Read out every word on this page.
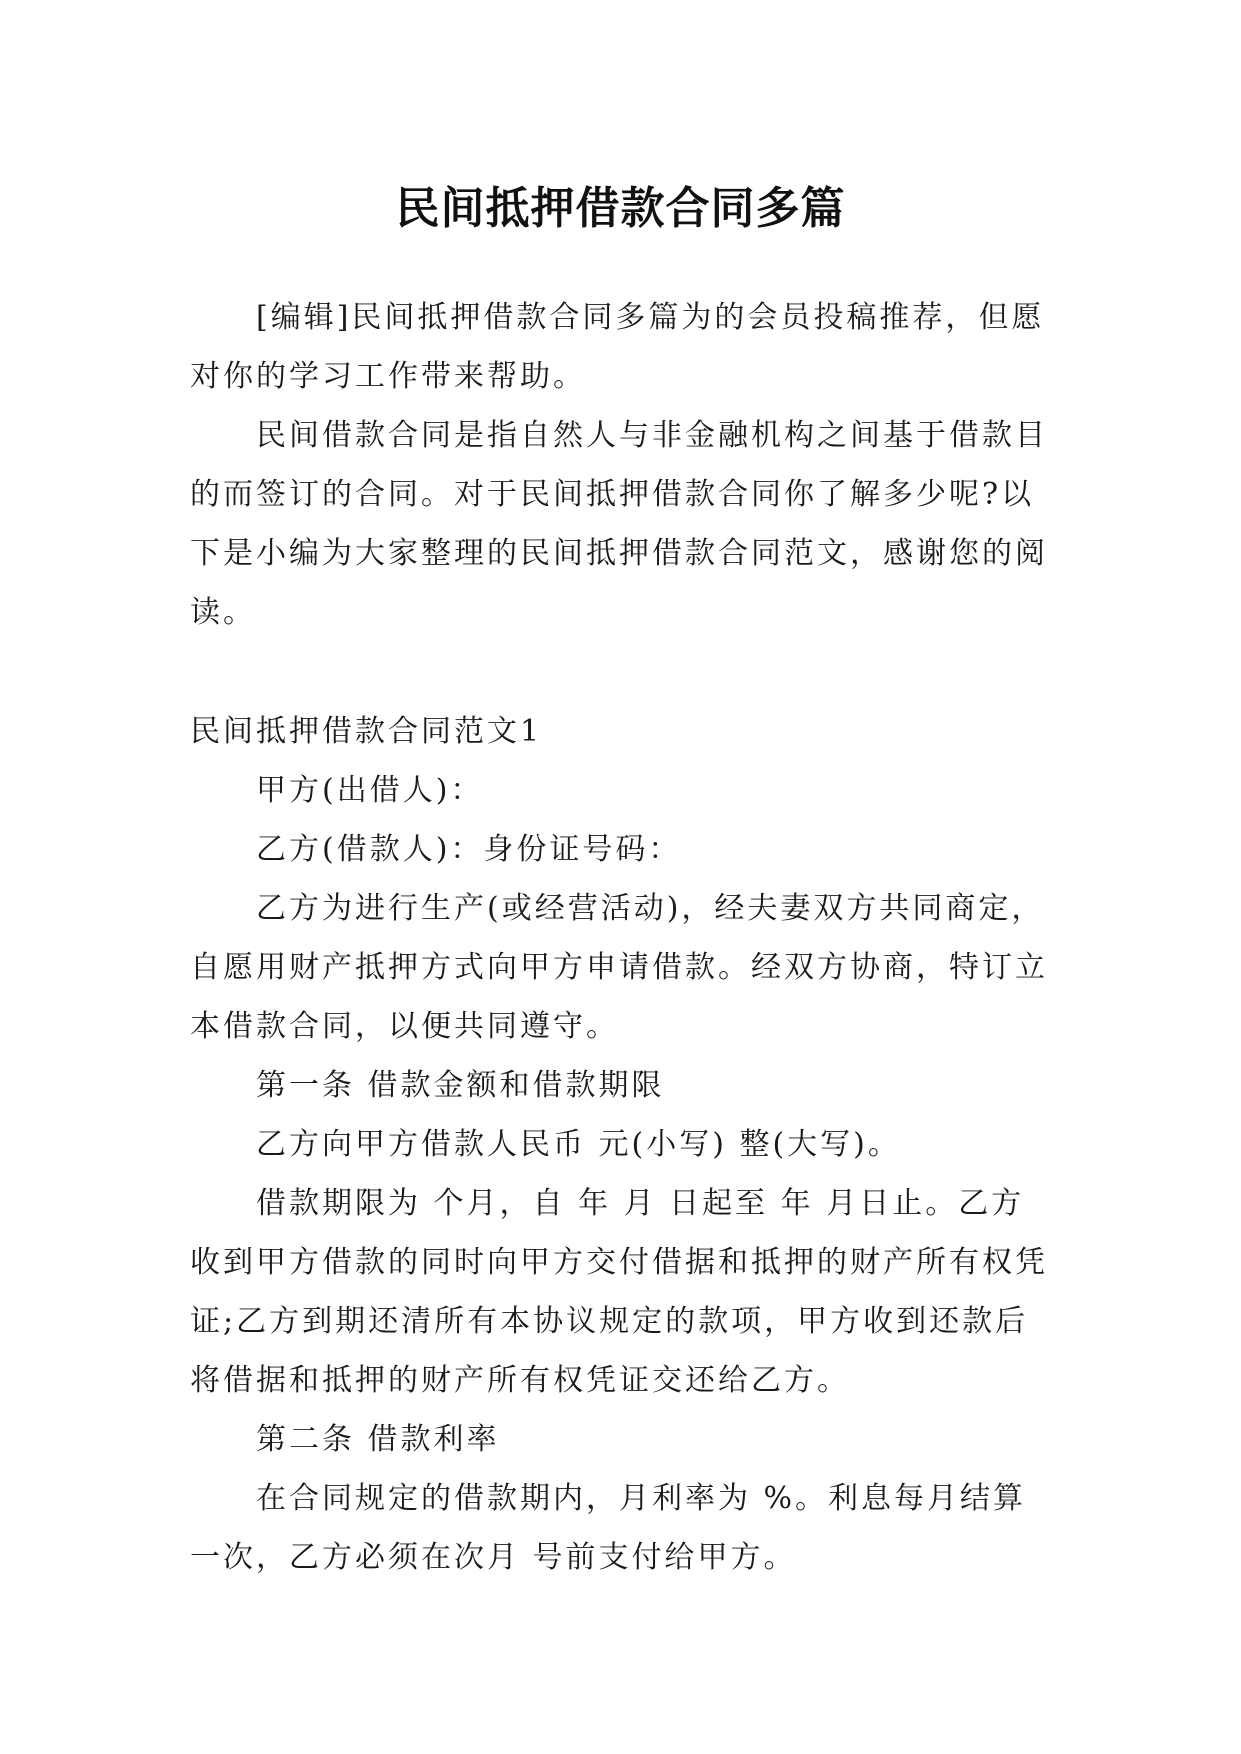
民间抵押借款合同多篇

[编辑]民间抵押借款合同多篇为的会员投稿推荐，但愿对你的学习工作带来帮助。

民间借款合同是指自然人与非金融机构之间基于借款目的而签订的合同。对于民间抵押借款合同你了解多少呢?以下是小编为大家整理的民间抵押借款合同范文，感谢您的阅读。

民间抵押借款合同范文1

甲方(出借人)：

乙方(借款人)：身份证号码：

乙方为进行生产(或经营活动)，经夫妻双方共同商定，自愿用财产抵押方式向甲方申请借款。经双方协商，特订立本借款合同，以便共同遵守。

第一条 借款金额和借款期限

乙方向甲方借款人民币 元(小写) 整(大写)。

借款期限为 个月，自 年 月 日起至 年 月日止。乙方收到甲方借款的同时向甲方交付借据和抵押的财产所有权凭证;乙方到期还清所有本协议规定的款项，甲方收到还款后将借据和抵押的财产所有权凭证交还给乙方。

第二条 借款利率

在合同规定的借款期内，月利率为 %。利息每月结算一次，乙方必须在次月 号前支付给甲方。
